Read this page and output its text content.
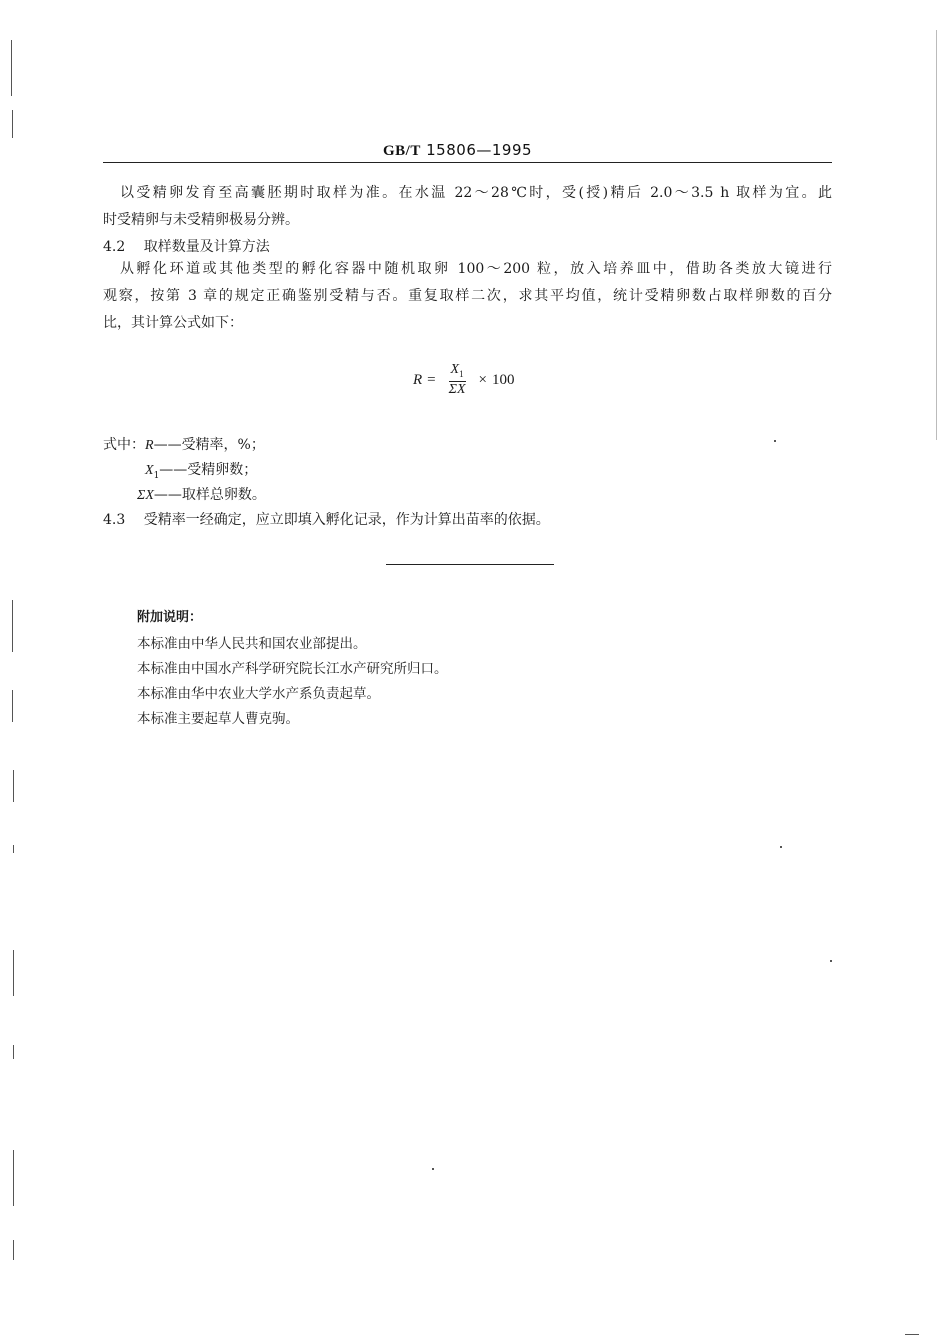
GB/T 15806—1995
以受精卵发育至高囊胚期时取样为准。在水温 22～28℃时，受(授)精后 2.0～3.5 h 取样为宜。此
时受精卵与未受精卵极易分辨。
4.2 取样数量及计算方法
从孵化环道或其他类型的孵化容器中随机取卵 100～200 粒，放入培养皿中，借助各类放大镜进行
观察，按第 3 章的规定正确鉴别受精与否。重复取样二次，求其平均值，统计受精卵数占取样卵数的百分
比，其计算公式如下：
$R = \frac{X_1}{\Sigma X} \times 100$
式中：R——受精率，%；
$X_1——$受精卵数；
ΣX——取样总卵数。
4.3 受精率一经确定，应立即填入孵化记录，作为计算出苗率的依据。
附加说明：
本标准由中华人民共和国农业部提出。
本标准由中国水产科学研究院长江水产研究所归口。
本标准由华中农业大学水产系负责起草。
本标准主要起草人曹克驹。
